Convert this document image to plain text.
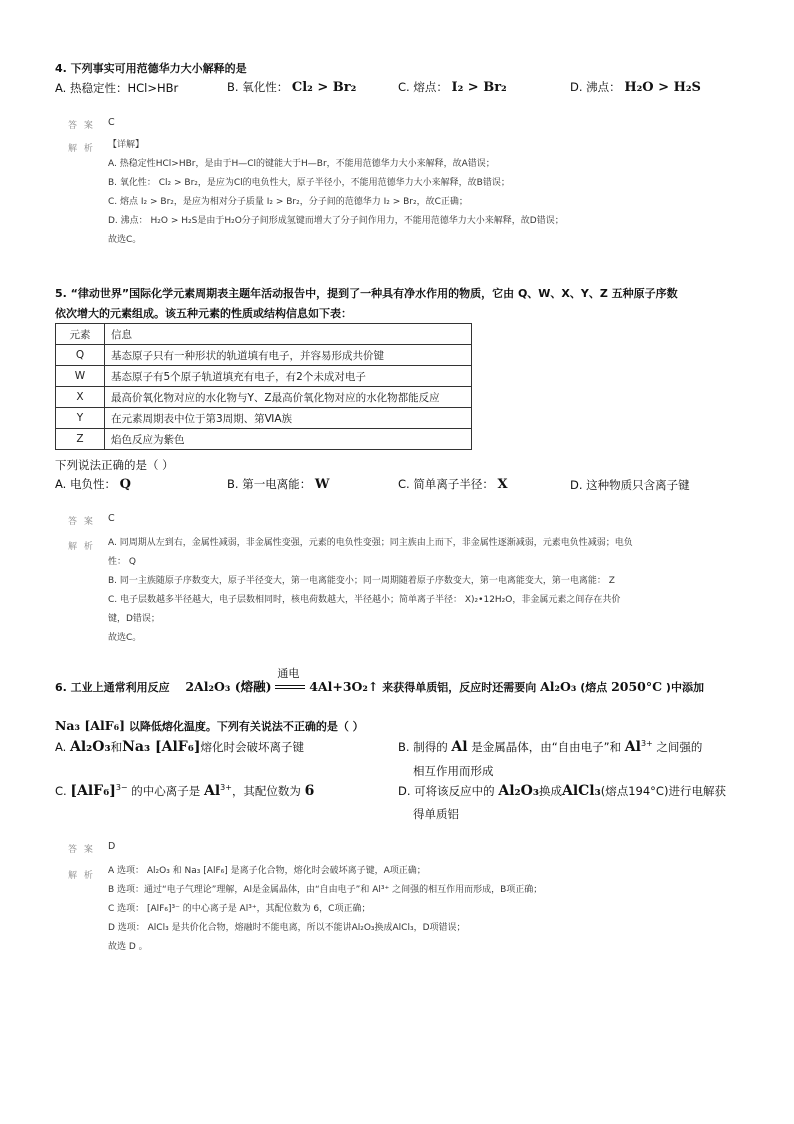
4. 下列事实可用范德华力大小解释的是
A. 热稳定性：HCl>HBr	B. 氧化性： Cl₂ > Br₂	C. 熔点： I₂ > Br₂	D. 沸点： H₂O > H₂S
答 案 C
解 析 【详解】
A. 热稳定性HCl>HBr，是由于H—Cl的键能大于H—Br，不能用范德华力大小来解释，故A错误；
B. 氧化性： Cl₂ > Br₂，是应为Cl的电负性大，原子半径小，不能用范德华力大小来解释，故B错误；
C. 熔点 I₂ > Br₂，是应为相对分子质量 I₂ > Br₂，分子间的范德华力 I₂ > Br₂，故C正确；
D. 沸点： H₂O > H₂S是由于H₂O分子间形成氢键而增大了分子间作用力，不能用范德华力大小来解释，故D错误；
故选C。
5. “律动世界”国际化学元素周期表主题年活动报告中，提到了一种具有净水作用的物质，它由 Q、W、X、Y、Z 五种原子序数
依次增大的元素组成。该五种元素的性质或结构信息如下表：
元素	信息
Q	基态原子只有一种形状的轨道填有电子，并容易形成共价键
W	基态原子有5个原子轨道填充有电子，有2个未成对电子
X	最高价氧化物对应的水化物与Y、Z最高价氧化物对应的水化物都能反应
Y	在元素周期表中位于第3周期、第ⅥA族
Z	焰色反应为紫色
下列说法正确的是（ ）
A. 电负性： Q	B. 第一电离能： W	C. 简单离子半径： X	D. 这种物质只含离子键
答 案 C
解 析 A. 同周期从左到右，金属性减弱，非金属性变强，元素的电负性变强；同主族由上而下，非金属性逐渐减弱，元素电负性减弱；电负
性： Q
B. 同一主族随原子序数变大，原子半径变大，第一电离能变小；同一周期随着原子序数变大，第一电离能变大，第一电离能： Z
C. 电子层数越多半径越大，电子层数相同时，核电荷数越大，半径越小；简单离子半径： X)₂•12H₂O，非金属元素之间存在共价
键，D错误；
故选C。
6. 工业上通常利用反应 2Al₂O₃ (熔融)
通电
4Al+3O₂↑ 来获得单质铝，反应时还需要向 Al₂O₃ (熔点 2050°C )中添加
Na₃ [AlF₆] 以降低熔化温度。下列有关说法不正确的是（ ）
A. Al₂O₃和Na₃ [AlF₆]熔化时会破坏离子键	B. 制得的 Al 是金属晶体，由“自由电子”和 $Al^{3+}$ 之间强的
相互作用而形成
C. $[AlF_6]^{3-}$ 的中心离子是 $Al^{3+}$，其配位数为 6	D. 可将该反应中的 Al₂O₃换成AlCl₃(熔点194°C)进行电解获
得单质铝
答 案 D
解 析 A 选项： Al₂O₃ 和 Na₃ [AlF₆] 是离子化合物，熔化时会破坏离子键，A项正确；
B 选项：通过“电子气理论”理解，Al是金属晶体，由“自由电子”和 Al³⁺ 之间强的相互作用而形成，B项正确；
C 选项： [AlF₆]³⁻ 的中心离子是 Al³⁺，其配位数为 6，C项正确；
D 选项： AlCl₃ 是共价化合物，熔融时不能电离，所以不能讲Al₂O₃换成AlCl₃，D项错误；
故选 D 。
